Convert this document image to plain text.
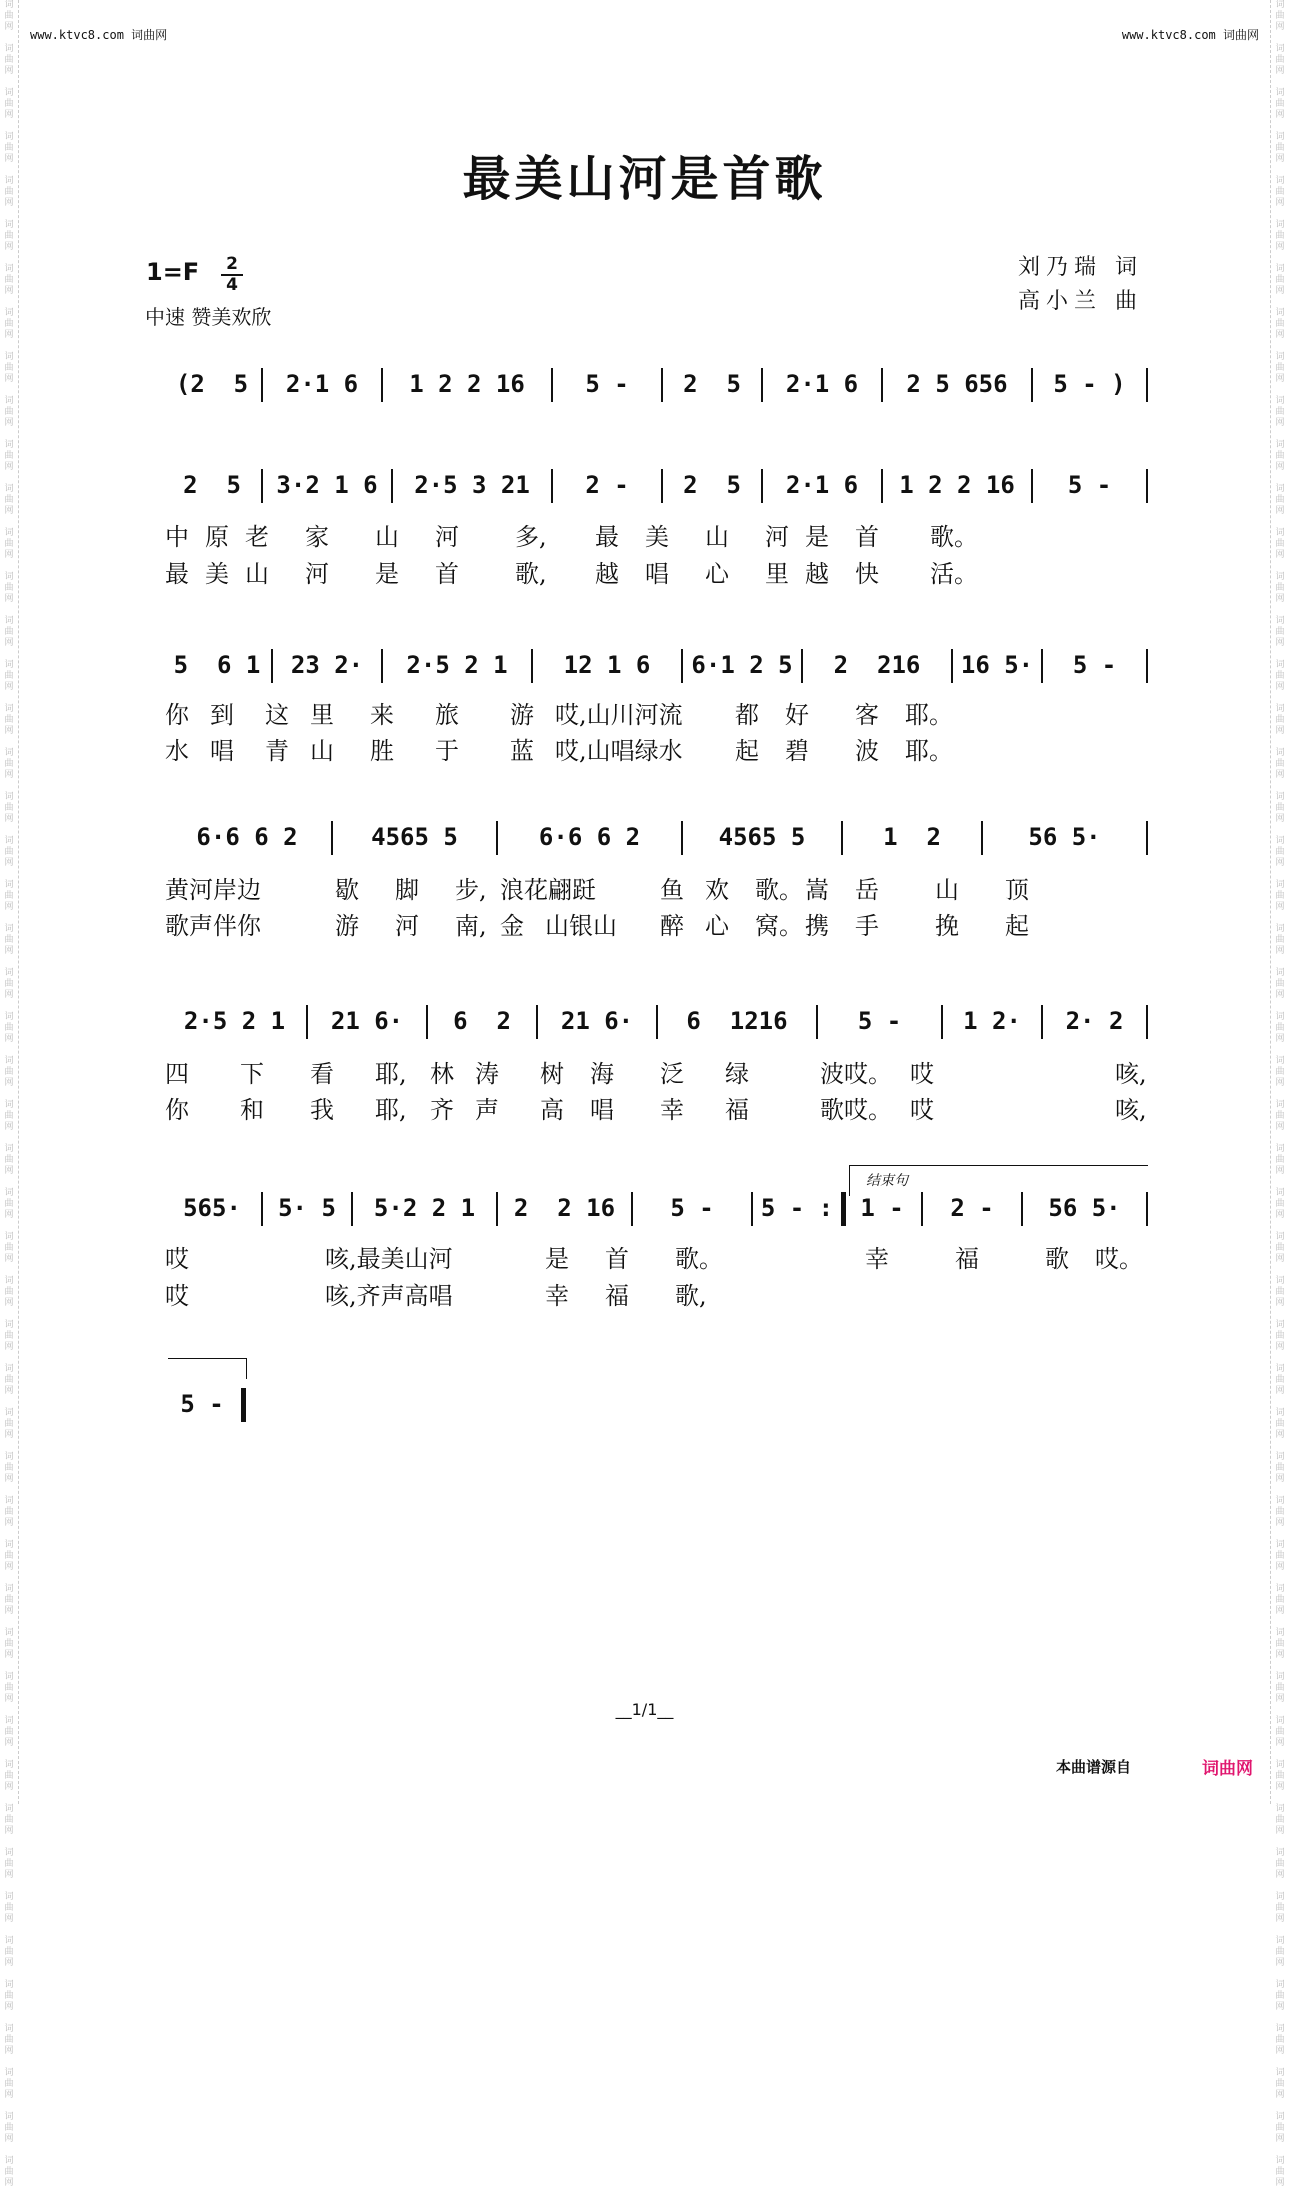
词
曲
网

词
曲
网

词
曲
网

词
曲
网

词
曲
网

词
曲
网

词
曲
网

词
曲
网

词
曲
网

词
曲
网

词
曲
网

词
曲
网

词
曲
网

词
曲
网

词
曲
网

词
曲
网

词
曲
网

词
曲
网

词
曲
网

词
曲
网

词
曲
网

词
曲
网

词
曲
网

词
曲
网

词
曲
网

词
曲
网

词
曲
网

词
曲
网

词
曲
网

词
曲
网

词
曲
网

词
曲
网

词
曲
网

词
曲
网

词
曲
网

词
曲
网

词
曲
网

词
曲
网

词
曲
网

词
曲
网

词
曲
网

词
曲
网

词
曲
网

词
曲
网

词
曲
网

词
曲
网

词
曲
网

词
曲
网

词
曲
网

词
曲
网

词
曲
网

词
曲
网

词
曲
网

词
曲
网

词
曲
网

词
曲
网

词
曲
网

词
曲
网

词
曲
网

词
曲
网

词
曲
网

词
曲
网

词
曲
网

词
曲
网

词
曲
网

词
曲
网

词
曲
网

词
曲
网

词
曲
网

词
曲
网

词
曲
网

词
曲
网

词
曲
网

词
曲
网

词
曲
网

词
曲
网

词
曲
网

词
曲
网

词
曲
网

词
曲
网

词
曲
网

词
曲
网

词
曲
网

词
曲
网

词
曲
网

词
曲
网

词
曲
网

词
曲
网

词
曲
网

词
曲
网

词
曲
网

词
曲
网

词
曲
网

词
曲
网

词
曲
网

词
曲
网

词
曲
网

词
曲
网

词
曲
网

词
曲
网

www.ktvc8.com 词曲网	www.ktvc8.com 词曲网
最美山河是首歌
1=F 2
4
中速 赞美欢欣
刘乃瑞 词
高小兰 曲
(2  5	2·1 6	1 2 2 16	5 -	2  5	2·1 6	2 5 656	5 - )
2  5	3·2 1 6	2·5 3 21	2 -	2  5	2·1 6	1 2 2 16	5 -
中 原 老 家 山 河 多, 最 美 山 河 是 首 歌。
最 美 山 河 是 首 歌, 越 唱 心 里 越 快 活。
5  6 1	23 2·	2·5 2 1	12 1 6	6·1 2 5	2  216	16 5·	5 -
你 到 这 里 来 旅 游 哎,山川河流 都 好 客 耶。
水 唱 青 山 胜 于 蓝 哎,山唱绿水 起 碧 波 耶。
6·6 6 2	4565 5	6·6 6 2	4565 5	1  2	56 5·
黄河岸边	歇 脚 步, 浪花翩跹	鱼 欢 歌。 嵩 岳 山 顶
歌声伴你	游 河 南, 金 山银山 醉 心 窝。 携 手 挽 起
2·5 2 1	21 6·	6  2	21 6·	6  1216	5 -	1 2·	2· 2
四 下 看 耶, 林 涛 树 海 泛 绿	波哎。 哎	咳,
你 和 我 耶, 齐 声 高 唱 幸 福	歌哎。 哎	咳,
结束句
565·	5· 5	5·2 2 1	2  2 16	5 -	5 - :	1 -	2 -	56 5·
哎	咳,最美山河	是 首 歌。	幸	福	歌 哎。
哎	咳,齐声高唱	幸 福 歌,
5 -
__1/1__
本曲谱源自	词曲网
